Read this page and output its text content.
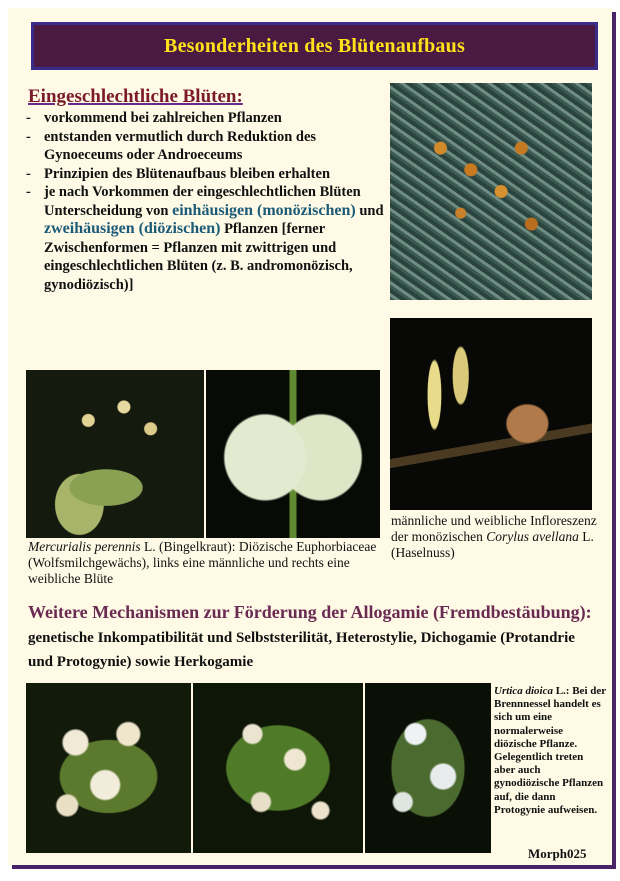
Besonderheiten des Blütenaufbaus
Eingeschlechtliche Blüten:
- vorkommend bei zahlreichen Pflanzen
- entstanden vermutlich durch Reduktion des Gynoeceums oder Androeceums
- Prinzipien des Blütenaufbaus bleiben erhalten
- je nach Vorkommen der eingeschlechtlichen Blüten Unterscheidung von einhäusigen (monözischen) und zweihäusigen (diözischen) Pflanzen [ferner Zwischenformen = Pflanzen mit zwittrigen und eingeschlechtlichen Blüten (z. B. andromonözisch, gynodiözisch)]
Mercurialis perennis L. (Bingelkraut): Diözische Euphorbiaceae (Wolfsmilchgewächs), links eine männliche und rechts eine weibliche Blüte
männliche und weibliche Infloreszenz der monözischen Corylus avellana L. (Haselnuss)
Weitere Mechanismen zur Förderung der Allogamie (Fremdbestäubung): genetische Inkompatibilität und Selbststerilität, Heterostylie, Dichogamie (Protandrie und Protogynie) sowie Herkogamie
Urtica dioica L.: Bei der Brennnessel handelt es sich um eine normalerweise diözische Pflanze. Gelegentlich treten aber auch gynodiözische Pflanzen auf, die dann Protogynie aufweisen.
Morph025
